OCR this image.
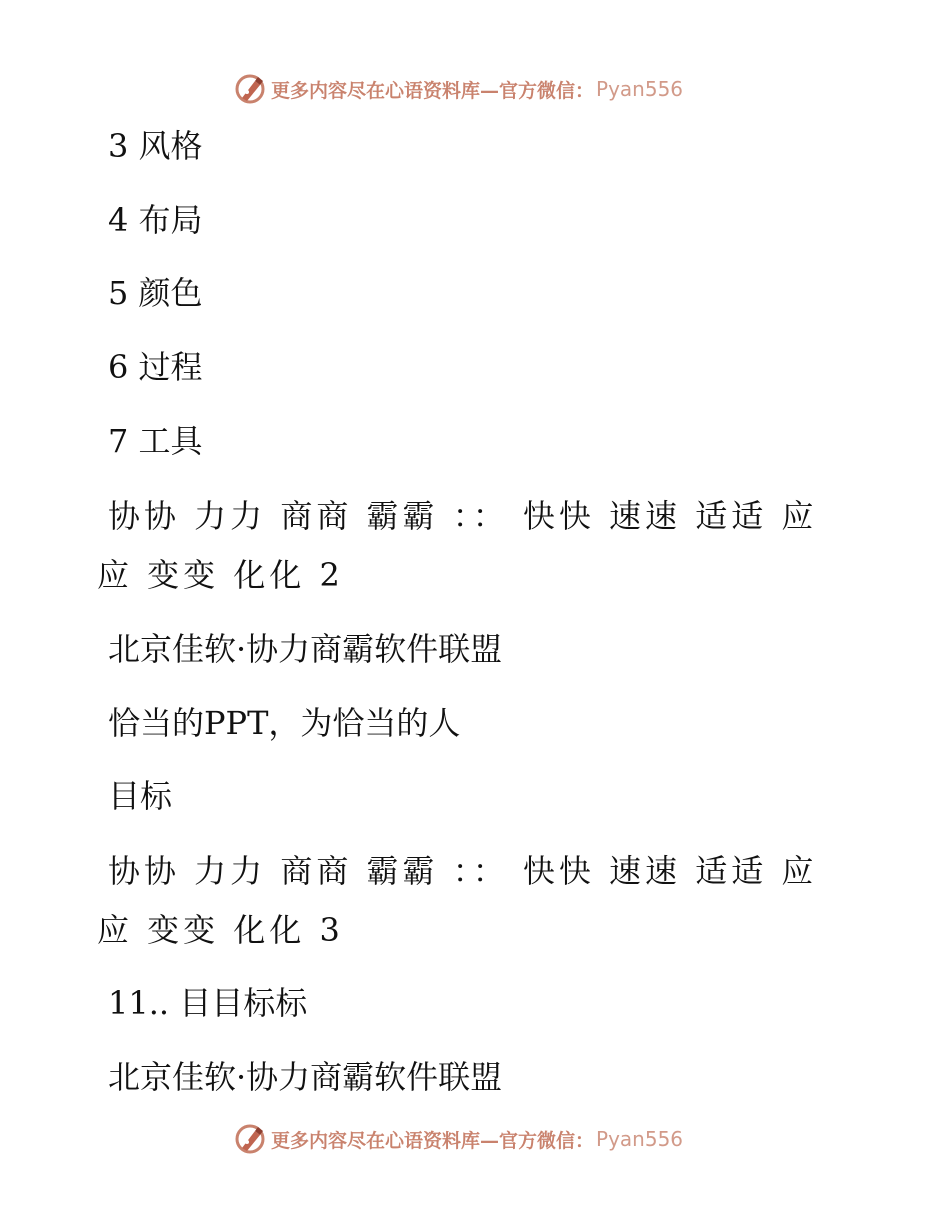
更多内容尽在心语资料库—官方微信： Pyan556
3 风格
4 布局
5 颜色
6 过程
7 工具
协协 力力 商商 霸霸 ：： 快快 速速 适适 应
应 变变 化化 2
北京佳软·协力商霸软件联盟
恰当的PPT，为恰当的人
目标
协协 力力 商商 霸霸 ：： 快快 速速 适适 应
应 变变 化化 3
11.. 目目标标
北京佳软·协力商霸软件联盟
更多内容尽在心语资料库—官方微信： Pyan556
